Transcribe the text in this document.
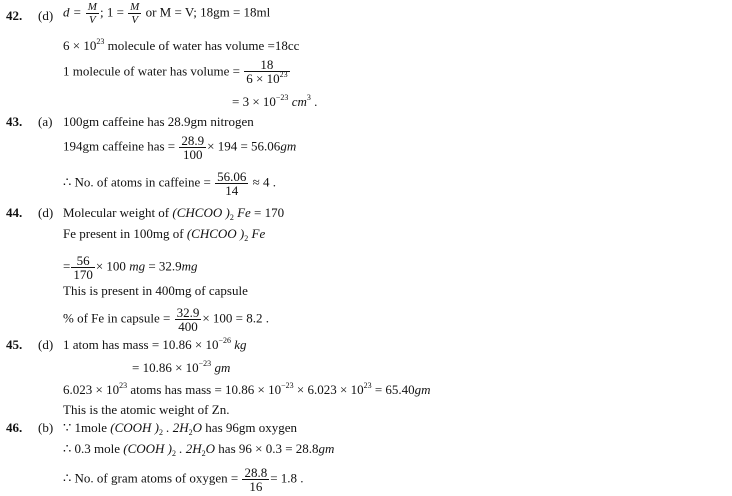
42. (d) $d = \frac{M}{V}$ ; $1 = \frac{M}{V}$ or M = V; 18gm = 18ml
$6 \times 10^{23}$ molecule of water has volume =18cc
1 molecule of water has volume = $\frac{18}{6 \times 10^{23}}$
= $3 \times 10^{-23}$ $cm^3$ .
43. (a) 100gm caffeine has 28.9gm nitrogen
194gm caffeine has = $\frac{28.9}{100} \times 194 = 56.06gm$
∴ No. of atoms in caffeine = $\frac{56.06}{14} \approx 4$ .
44. (d) Molecular weight of (CHCOO )$_2$ Fe = 170
Fe present in 100mg of (CHCOO )$_2$ Fe
= $\frac{56}{170} \times 100$ mg = 32.9mg
This is present in 400mg of capsule
% of Fe in capsule = $\frac{32.9}{400} \times 100 = 8.2$ .
45. (d) 1 atom has mass = $10.86 \times 10^{-26}$ kg
= $10.86 \times 10^{-23}$ gm
$6.023 \times 10^{23}$ atoms has mass = $10.86 \times 10^{-23} \times 6.023 \times 10^{23} = 65.40gm$
This is the atomic weight of Zn.
46. (b) ∵ 1mole (COOH )$_2$ . $2H_2O$ has 96gm oxygen
∴ 0.3 mole (COOH )$_2$ . $2H_2O$ has 96 × 0.3 = 28.8gm
∴ No. of gram atoms of oxygen = $\frac{28.8}{16} = 1.8$ .
